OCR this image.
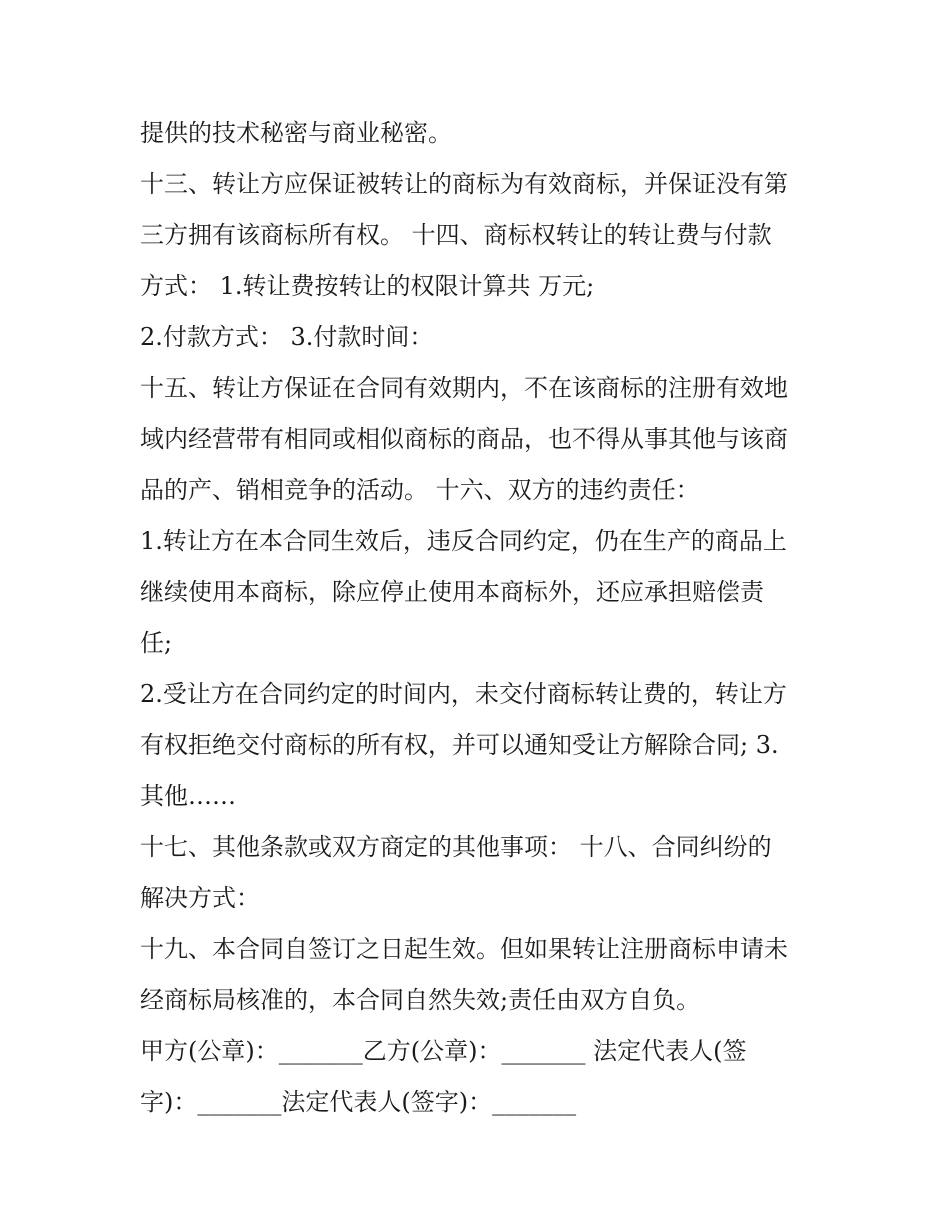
提供的技术秘密与商业秘密。
十三、转让方应保证被转让的商标为有效商标，并保证没有第
三方拥有该商标所有权。 十四、商标权转让的转让费与付款
方式： 1.转让费按转让的权限计算共 万元;
2.付款方式： 3.付款时间：
十五、转让方保证在合同有效期内，不在该商标的注册有效地
域内经营带有相同或相似商标的商品，也不得从事其他与该商
品的产、销相竞争的活动。 十六、双方的违约责任：
1.转让方在本合同生效后，违反合同约定，仍在生产的商品上
继续使用本商标，除应停止使用本商标外，还应承担赔偿责
任;
2.受让方在合同约定的时间内，未交付商标转让费的，转让方
有权拒绝交付商标的所有权，并可以通知受让方解除合同; 3.
其他……
十七、其他条款或双方商定的其他事项： 十八、合同纠纷的
解决方式：
十九、本合同自签订之日起生效。但如果转让注册商标申请未
经商标局核准的，本合同自然失效;责任由双方自负。
甲方(公章)：_______乙方(公章)：_______ 法定代表人(签
字)：_______法定代表人(签字)：_______
